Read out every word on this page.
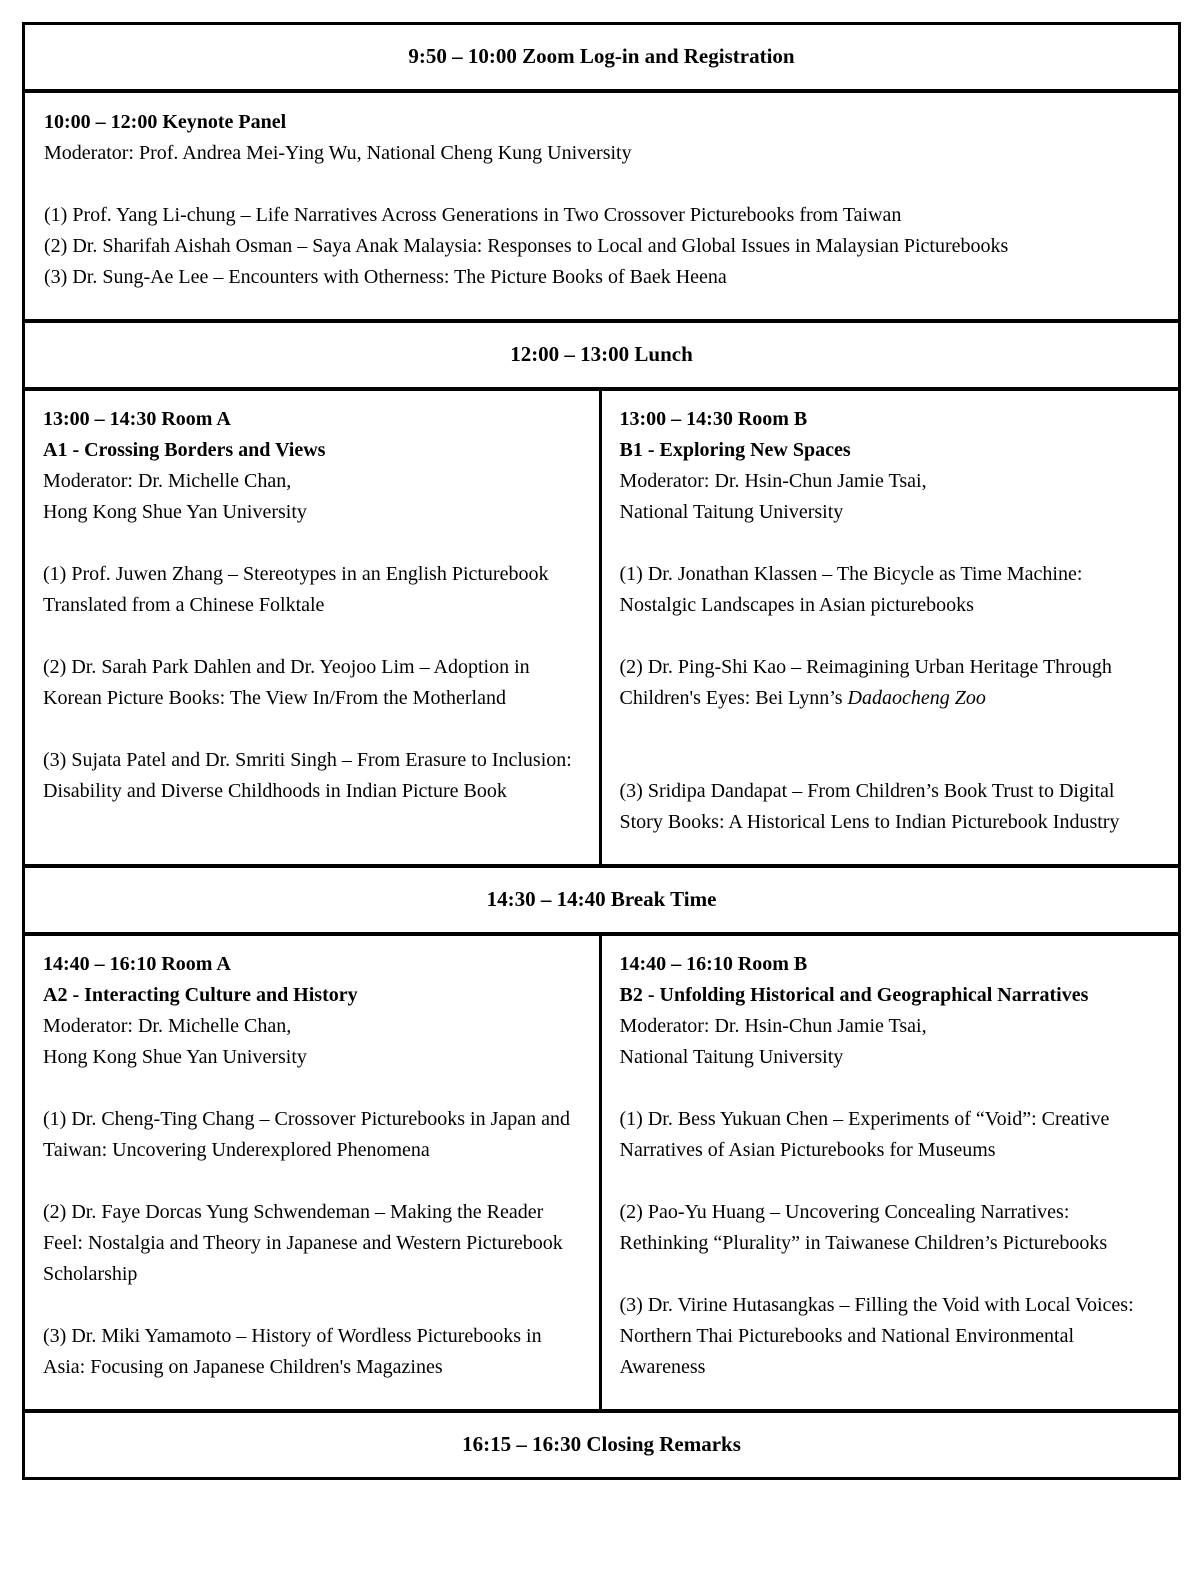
9:50 – 10:00 Zoom Log-in and Registration

10:00 – 12:00 Keynote Panel

Moderator: Prof. Andrea Mei-Ying Wu, National Cheng Kung University

(1) Prof. Yang Li-chung – Life Narratives Across Generations in Two Crossover Picturebooks from Taiwan

(2) Dr. Sharifah Aishah Osman – Saya Anak Malaysia: Responses to Local and Global Issues in Malaysian Picturebooks

(3) Dr. Sung-Ae Lee – Encounters with Otherness: The Picture Books of Baek Heena

12:00 – 13:00 Lunch

13:00 – 14:30 Room A

A1 - Crossing Borders and Views

Moderator: Dr. Michelle Chan,

Hong Kong Shue Yan University

(1) Prof. Juwen Zhang – Stereotypes in an English Picturebook Translated from a Chinese Folktale

(2) Dr. Sarah Park Dahlen and Dr. Yeojoo Lim – Adoption in Korean Picture Books: The View In/From the Motherland

(3) Sujata Patel and Dr. Smriti Singh – From Erasure to Inclusion: Disability and Diverse Childhoods in Indian Picture Book

13:00 – 14:30 Room B

B1 - Exploring New Spaces

Moderator: Dr. Hsin-Chun Jamie Tsai,

National Taitung University

(1) Dr. Jonathan Klassen – The Bicycle as Time Machine: Nostalgic Landscapes in Asian picturebooks

(2) Dr. Ping-Shi Kao – Reimagining Urban Heritage Through Children's Eyes: Bei Lynn’s Dadaocheng Zoo

(3) Sridipa Dandapat – From Children’s Book Trust to Digital Story Books: A Historical Lens to Indian Picturebook Industry

14:30 – 14:40 Break Time

14:40 – 16:10 Room A

A2 - Interacting Culture and History

Moderator: Dr. Michelle Chan,

Hong Kong Shue Yan University

(1) Dr. Cheng-Ting Chang – Crossover Picturebooks in Japan and Taiwan: Uncovering Underexplored Phenomena

(2) Dr. Faye Dorcas Yung Schwendeman – Making the Reader Feel: Nostalgia and Theory in Japanese and Western Picturebook Scholarship

(3) Dr. Miki Yamamoto – History of Wordless Picturebooks in Asia: Focusing on Japanese Children's Magazines

14:40 – 16:10 Room B

B2 - Unfolding Historical and Geographical Narratives

Moderator: Dr. Hsin-Chun Jamie Tsai,

National Taitung University

(1) Dr. Bess Yukuan Chen – Experiments of “Void”: Creative Narratives of Asian Picturebooks for Museums

(2) Pao-Yu Huang – Uncovering Concealing Narratives: Rethinking “Plurality” in Taiwanese Children’s Picturebooks

(3) Dr. Virine Hutasangkas – Filling the Void with Local Voices: Northern Thai Picturebooks and National Environmental Awareness

16:15 – 16:30 Closing Remarks
